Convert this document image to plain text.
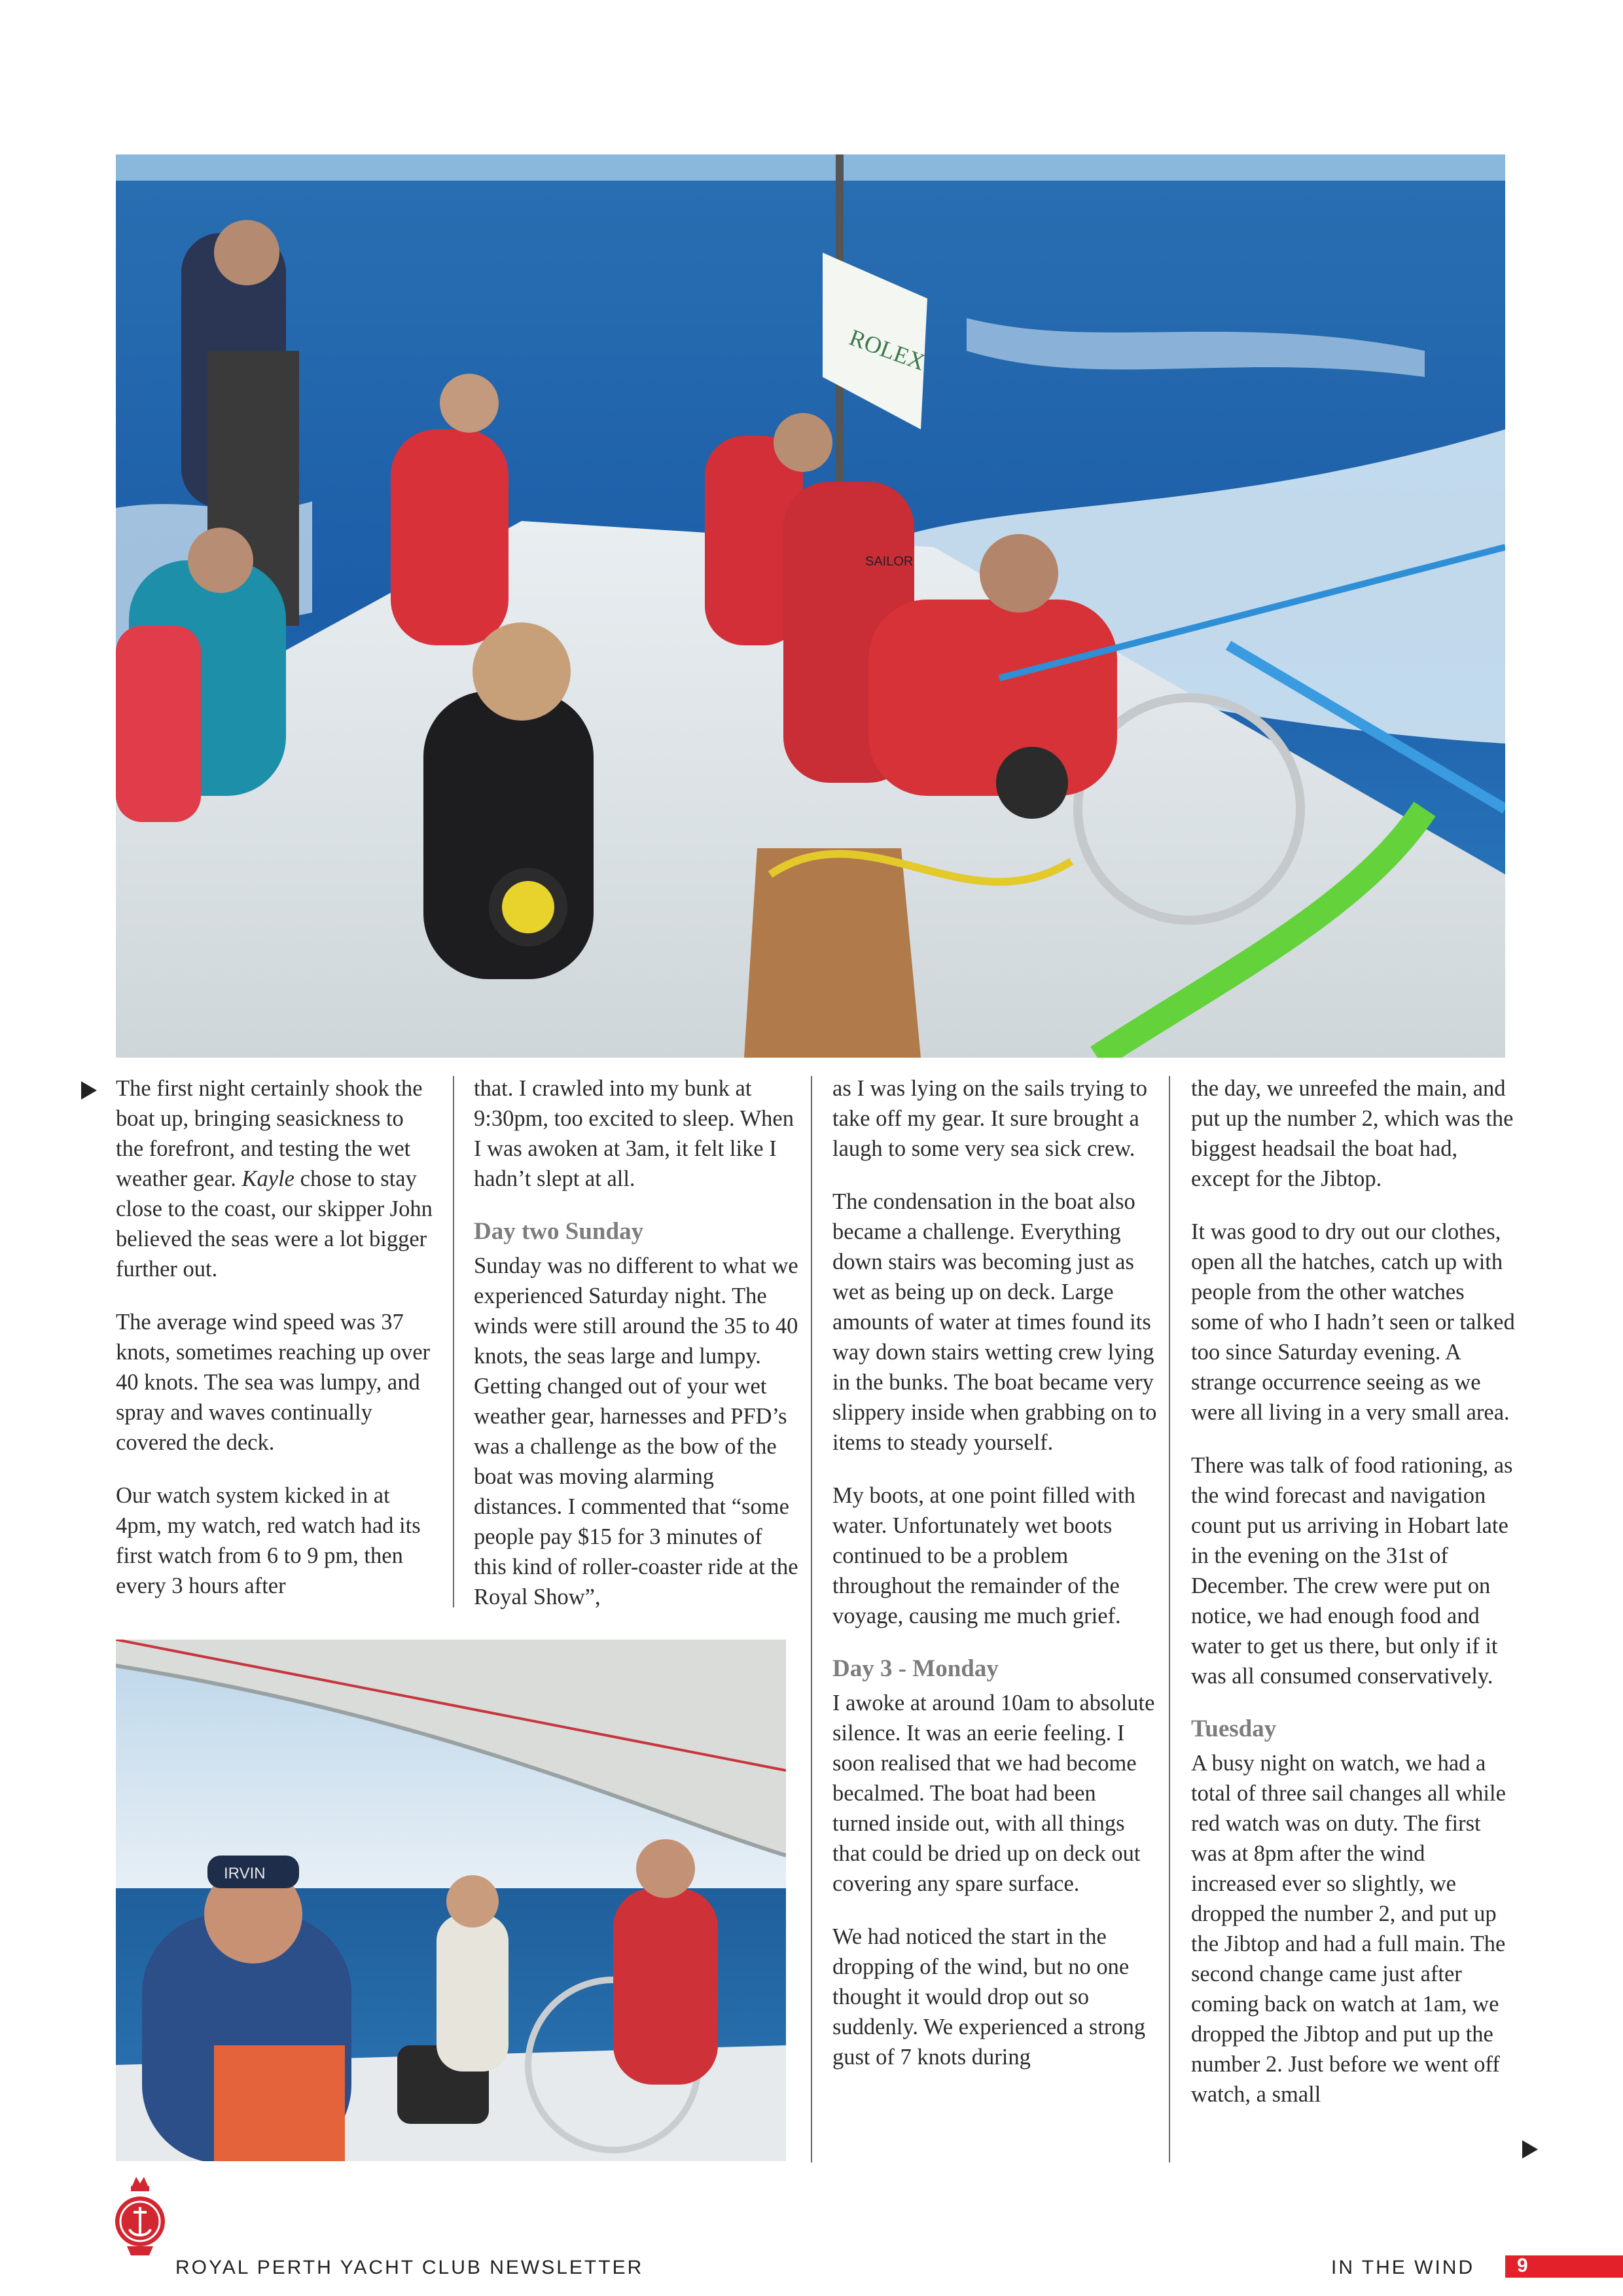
ROLEX
SAILOR

The first night certainly shook the boat up, bringing seasickness to the forefront, and testing the wet weather gear. Kayle chose to stay close to the coast, our skipper John believed the seas were a lot bigger further out.

The average wind speed was 37 knots, sometimes reaching up over 40 knots. The sea was lumpy, and spray and waves continually covered the deck.

Our watch system kicked in at 4pm, my watch, red watch had its first watch from 6 to 9 pm, then every 3 hours after

that. I crawled into my bunk at 9:30pm, too excited to sleep. When I was awoken at 3am, it felt like I hadn’t slept at all.

Day two Sunday

Sunday was no different to what we experienced Saturday night. The winds were still around the 35 to 40 knots, the seas large and lumpy. Getting changed out of your wet weather gear, harnesses and PFD’s was a challenge as the bow of the boat was moving alarming distances. I commented that “some people pay $15 for 3 minutes of this kind of roller-coaster ride at the Royal Show”,

as I was lying on the sails trying to take off my gear. It sure brought a laugh to some very sea sick crew.

The condensation in the boat also became a challenge. Everything down stairs was becoming just as wet as being up on deck. Large amounts of water at times found its way down stairs wetting crew lying in the bunks. The boat became very slippery inside when grabbing on to items to steady yourself.

My boots, at one point filled with water. Unfortunately wet boots continued to be a problem throughout the remainder of the voyage, causing me much grief.

Day 3 - Monday

I awoke at around 10am to absolute silence. It was an eerie feeling. I soon realised that we had become becalmed. The boat had been turned inside out, with all things that could be dried up on deck out covering any spare surface.

We had noticed the start in the dropping of the wind, but no one thought it would drop out so suddenly. We experienced a strong gust of 7 knots during

the day, we unreefed the main, and put up the number 2, which was the biggest headsail the boat had, except for the Jibtop.

It was good to dry out our clothes, open all the hatches, catch up with people from the other watches some of who I hadn’t seen or talked too since Saturday evening. A strange occurrence seeing as we were all living in a very small area.

There was talk of food rationing, as the wind forecast and navigation count put us arriving in Hobart late in the evening on the 31st of December. The crew were put on notice, we had enough food and water to get us there, but only if it was all consumed conservatively.

Tuesday

A busy night on watch, we had a total of three sail changes all while red watch was on duty. The first was at 8pm after the wind increased ever so slightly, we dropped the number 2, and put up the Jibtop and had a full main. The second change came just after coming back on watch at 1am, we dropped the Jibtop and put up the number 2. Just before we went off watch, a small

IRVIN
ROYAL PERTH YACHT CLUB NEWSLETTER	IN THE WIND 9
